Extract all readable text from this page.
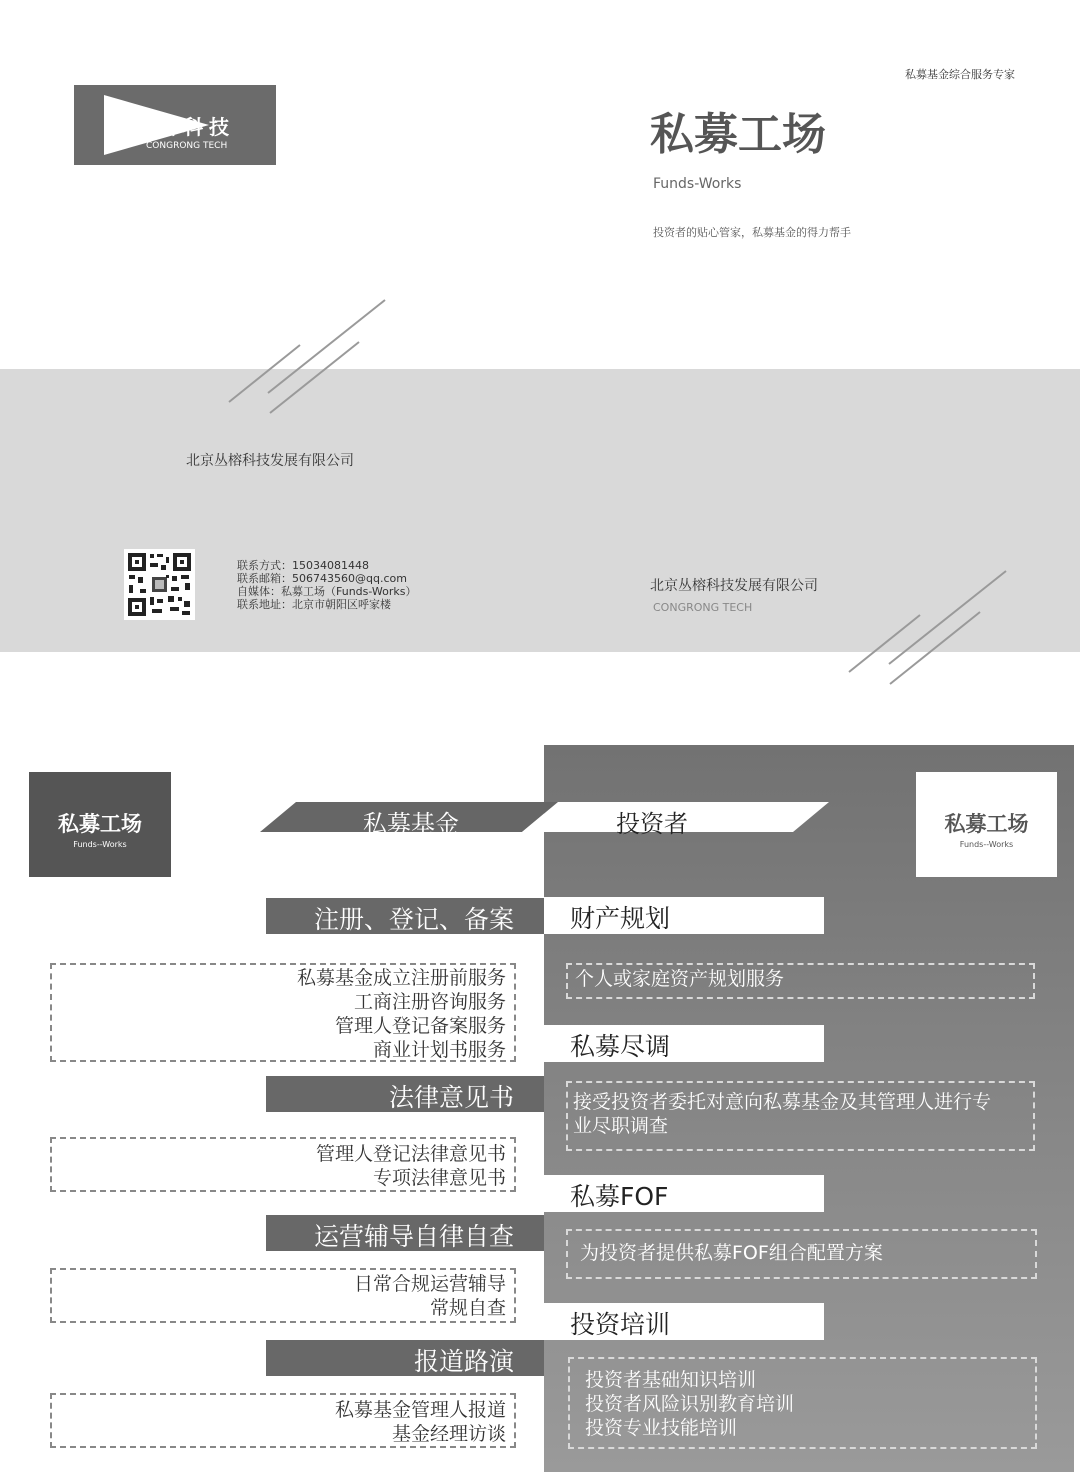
私募基金综合服务专家
丛榕科技
CONGRONG TECH	私募工场
Funds-Works
投资者的贴心管家，私募基金的得力帮手
北京丛榕科技发展有限公司
联系方式：15034081448
联系邮箱：506743560@qq.com
自媒体：私募工场（Funds-Works）
联系地址：北京市朝阳区呼家楼
北京丛榕科技发展有限公司
CONGRONG TECH
私募工场
Funds--Works
私募工场
Funds--Works
私募基金	投资者
注册、登记、备案
私募基金成立注册前服务
工商注册咨询服务
管理人登记备案服务
商业计划书服务
法律意见书
管理人登记法律意见书
专项法律意见书
运营辅导自律自查
日常合规运营辅导
常规自查
报道路演
私募基金管理人报道
基金经理访谈
财产规划
个人或家庭资产规划服务
私募尽调
接受投资者委托对意向私募基金及其管理人进行专
业尽职调查
私募FOF
为投资者提供私募FOF组合配置方案
投资培训
投资者基础知识培训
投资者风险识别教育培训
投资专业技能培训
